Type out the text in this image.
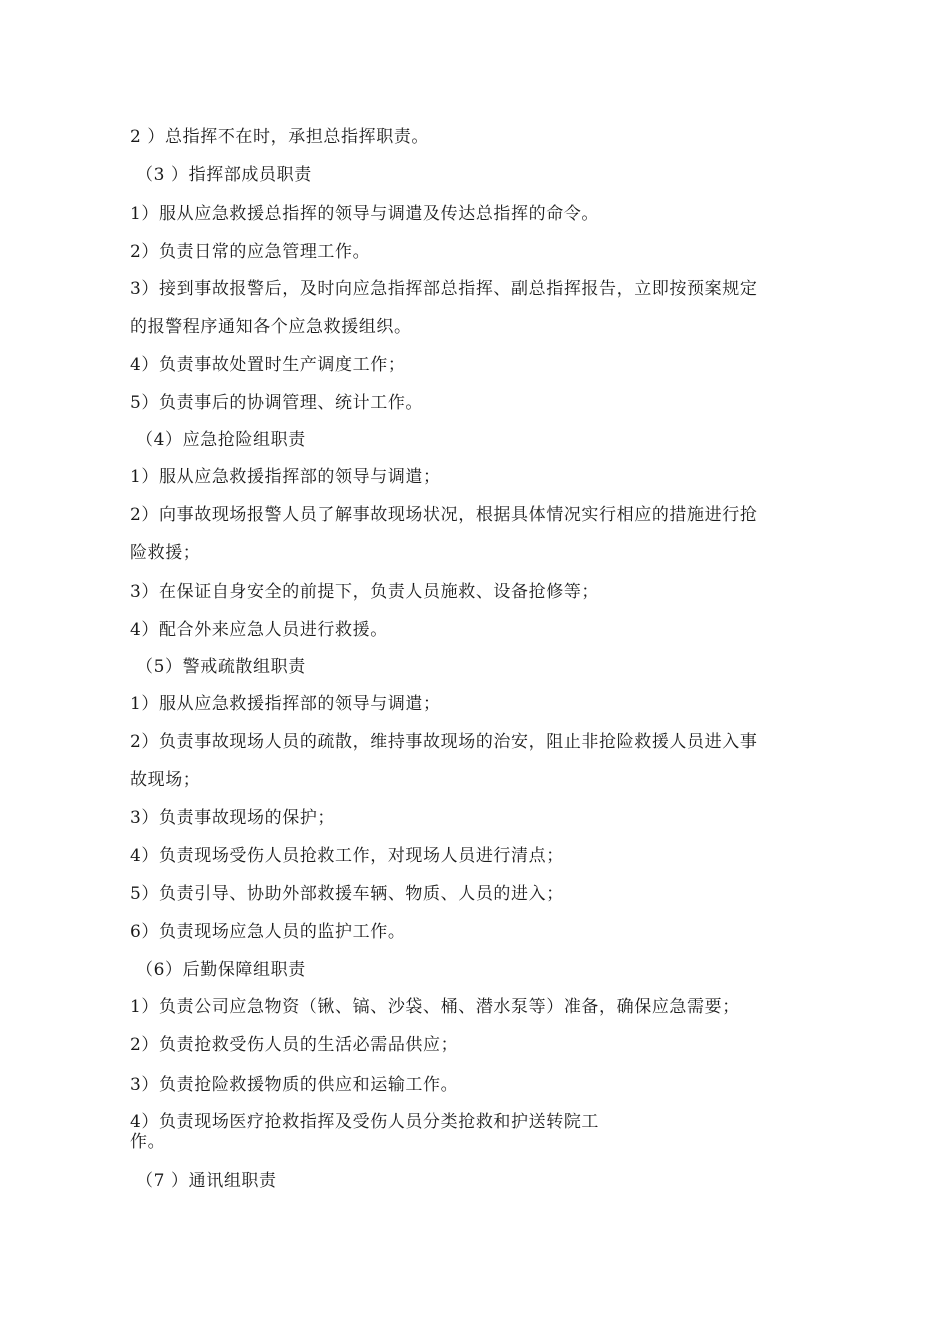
2 ）总指挥不在时，承担总指挥职责。
（3 ）指挥部成员职责
1）服从应急救援总指挥的领导与调遣及传达总指挥的命令。
2）负责日常的应急管理工作。
3）接到事故报警后，及时向应急指挥部总指挥、副总指挥报告，立即按预案规定
的报警程序通知各个应急救援组织。
4）负责事故处置时生产调度工作；
5）负责事后的协调管理、统计工作。
（4）应急抢险组职责
1）服从应急救援指挥部的领导与调遣；
2）向事故现场报警人员了解事故现场状况，根据具体情况实行相应的措施进行抢
险救援；
3）在保证自身安全的前提下，负责人员施救、设备抢修等；
4）配合外来应急人员进行救援。
（5）警戒疏散组职责
1）服从应急救援指挥部的领导与调遣；
2）负责事故现场人员的疏散，维持事故现场的治安，阻止非抢险救援人员进入事
故现场；
3）负责事故现场的保护；
4）负责现场受伤人员抢救工作，对现场人员进行清点；
5）负责引导、协助外部救援车辆、物质、人员的进入；
6）负责现场应急人员的监护工作。
（6）后勤保障组职责
1）负责公司应急物资（锹、镐、沙袋、桶、潜水泵等）准备，确保应急需要；
2）负责抢救受伤人员的生活必需品供应；
3）负责抢险救援物质的供应和运输工作。
4）负责现场医疗抢救指挥及受伤人员分类抢救和护送转院工
作。
（7 ）通讯组职责
